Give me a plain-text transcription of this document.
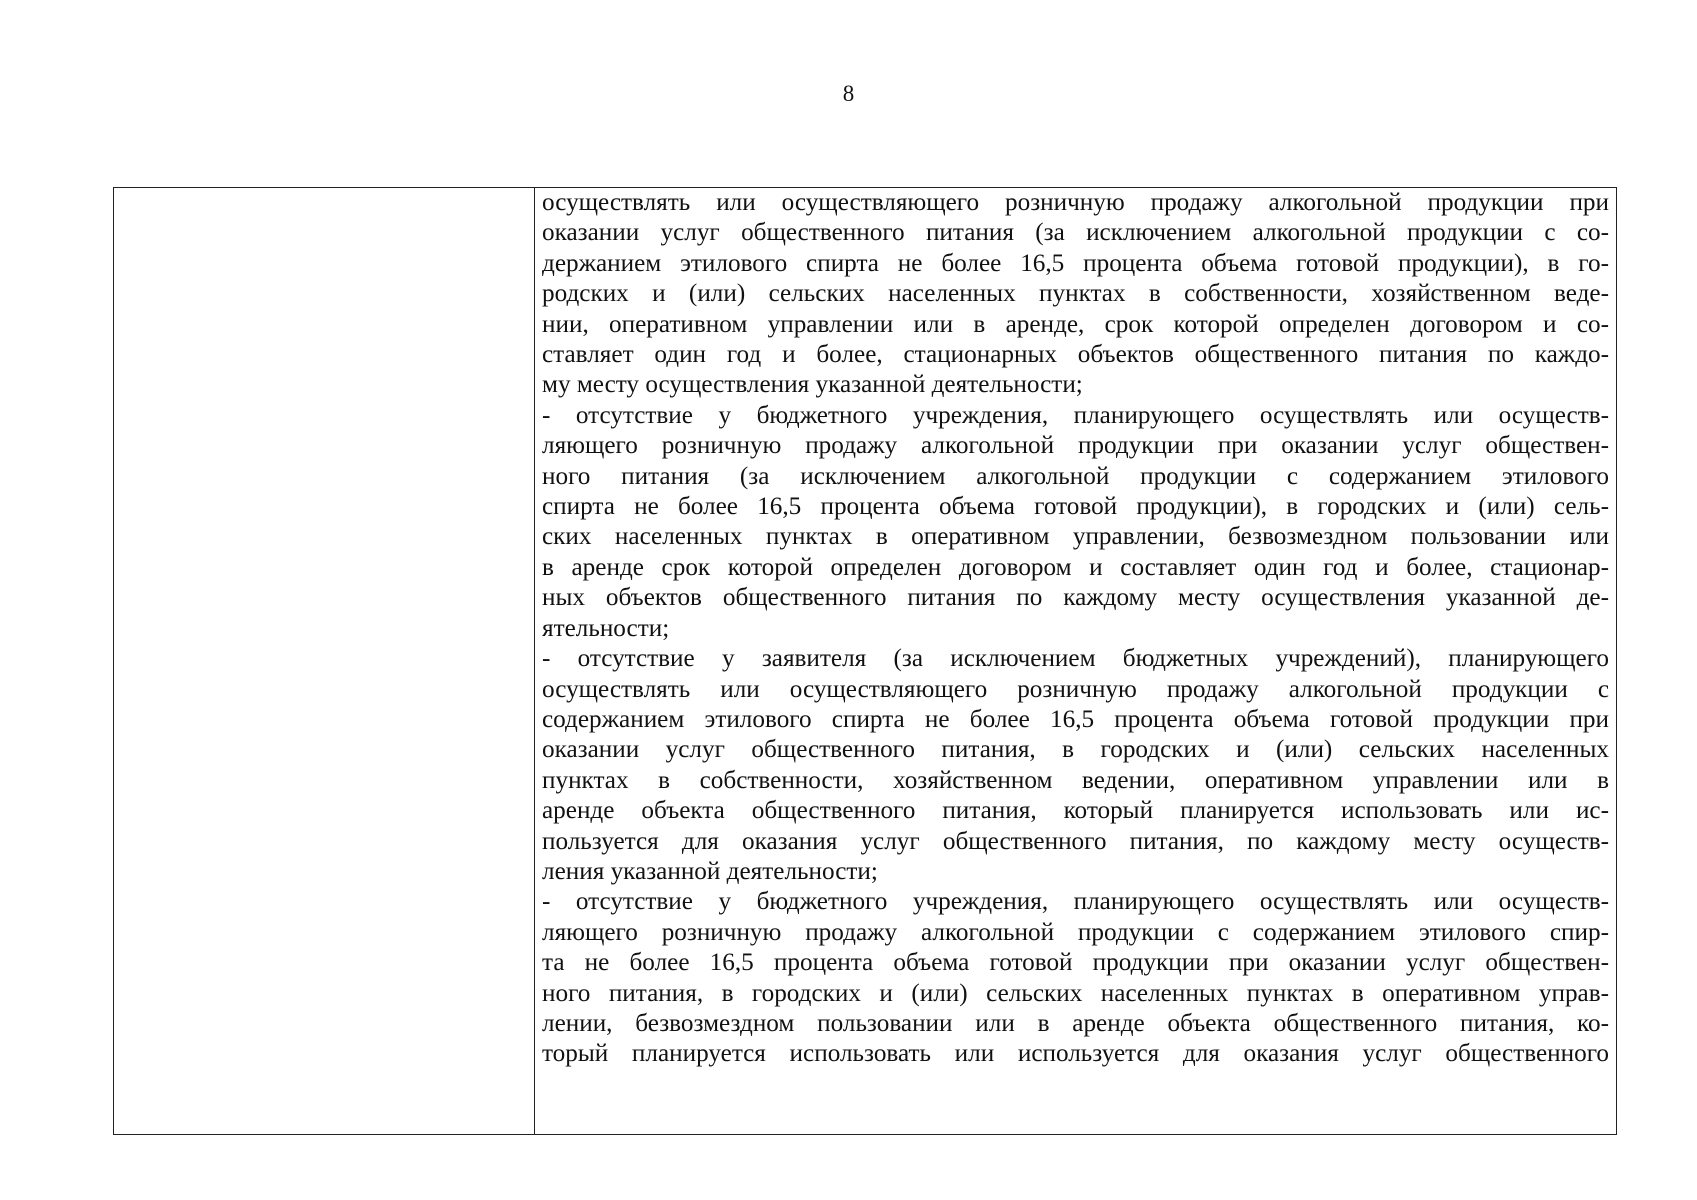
8

осуществлять или осуществляющего розничную продажу алкогольной продукции при
оказании услуг общественного питания (за исключением алкогольной продукции с со-
держанием этилового спирта не более 16,5 процента объема готовой продукции), в го-
родских и (или) сельских населенных пунктах в собственности, хозяйственном веде-
нии, оперативном управлении или в аренде, срок которой определен договором и со-
ставляет один год и более, стационарных объектов общественного питания по каждо-
му месту осуществления указанной деятельности;
- отсутствие у бюджетного учреждения, планирующего осуществлять или осуществ-
ляющего розничную продажу алкогольной продукции при оказании услуг обществен-
ного питания (за исключением алкогольной продукции с содержанием этилового
спирта не более 16,5 процента объема готовой продукции), в городских и (или) сель-
ских населенных пунктах в оперативном управлении, безвозмездном пользовании или
в аренде срок которой определен договором и составляет один год и более, стационар-
ных объектов общественного питания по каждому месту осуществления указанной де-
ятельности;
- отсутствие у заявителя (за исключением бюджетных учреждений), планирующего
осуществлять или осуществляющего розничную продажу алкогольной продукции с
содержанием этилового спирта не более 16,5 процента объема готовой продукции при
оказании услуг общественного питания, в городских и (или) сельских населенных
пунктах в собственности, хозяйственном ведении, оперативном управлении или в
аренде объекта общественного питания, который планируется использовать или ис-
пользуется для оказания услуг общественного питания, по каждому месту осуществ-
ления указанной деятельности;
- отсутствие у бюджетного учреждения, планирующего осуществлять или осуществ-
ляющего розничную продажу алкогольной продукции с содержанием этилового спир-
та не более 16,5 процента объема готовой продукции при оказании услуг обществен-
ного питания, в городских и (или) сельских населенных пунктах в оперативном управ-
лении, безвозмездном пользовании или в аренде объекта общественного питания, ко-
торый планируется использовать или используется для оказания услуг общественного
